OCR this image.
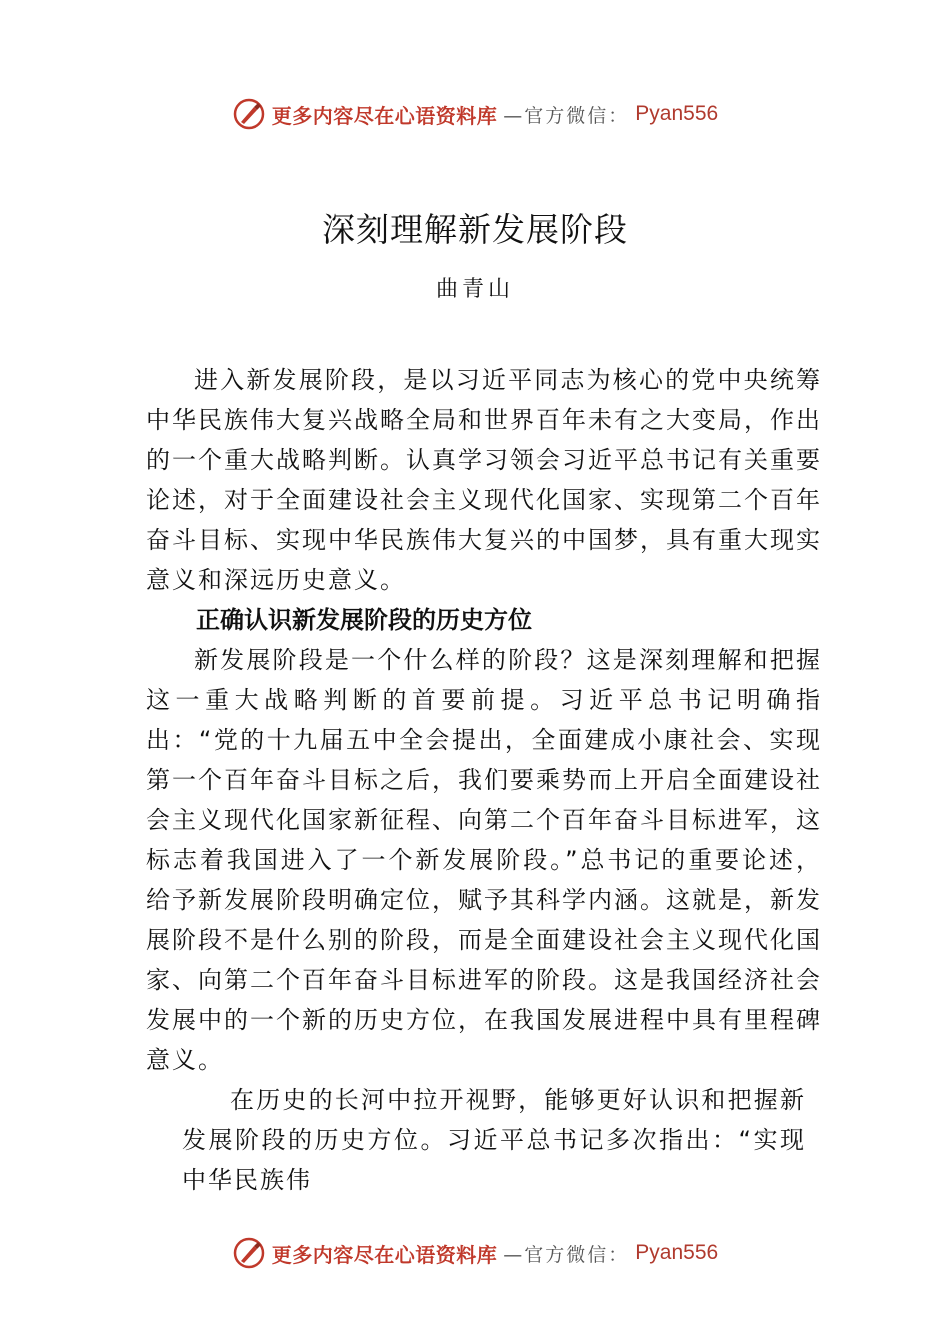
更多内容尽在心语资料库 —官方微信： Pyan556
深刻理解新发展阶段
曲青山

进入新发展阶段，是以习近平同志为核心的党中央统筹中华民族伟大复兴战略全局和世界百年未有之大变局，作出的一个重大战略判断。认真学习领会习近平总书记有关重要论述，对于全面建设社会主义现代化国家、实现第二个百年奋斗目标、实现中华民族伟大复兴的中国梦，具有重大现实意义和深远历史意义。

正确认识新发展阶段的历史方位

新发展阶段是一个什么样的阶段？这是深刻理解和把握这一重大战略判断的首要前提。习近平总书记明确指出：“党的十九届五中全会提出，全面建成小康社会、实现第一个百年奋斗目标之后，我们要乘势而上开启全面建设社会主义现代化国家新征程、向第二个百年奋斗目标进军，这标志着我国进入了一个新发展阶段。”总书记的重要论述，给予新发展阶段明确定位，赋予其科学内涵。这就是，新发展阶段不是什么别的阶段，而是全面建设社会主义现代化国家、向第二个百年奋斗目标进军的阶段。这是我国经济社会发展中的一个新的历史方位，在我国发展进程中具有里程碑意义。

在历史的长河中拉开视野，能够更好认识和把握新发展阶段的历史方位。习近平总书记多次指出：“实现中华民族伟

更多内容尽在心语资料库 —官方微信： Pyan556
